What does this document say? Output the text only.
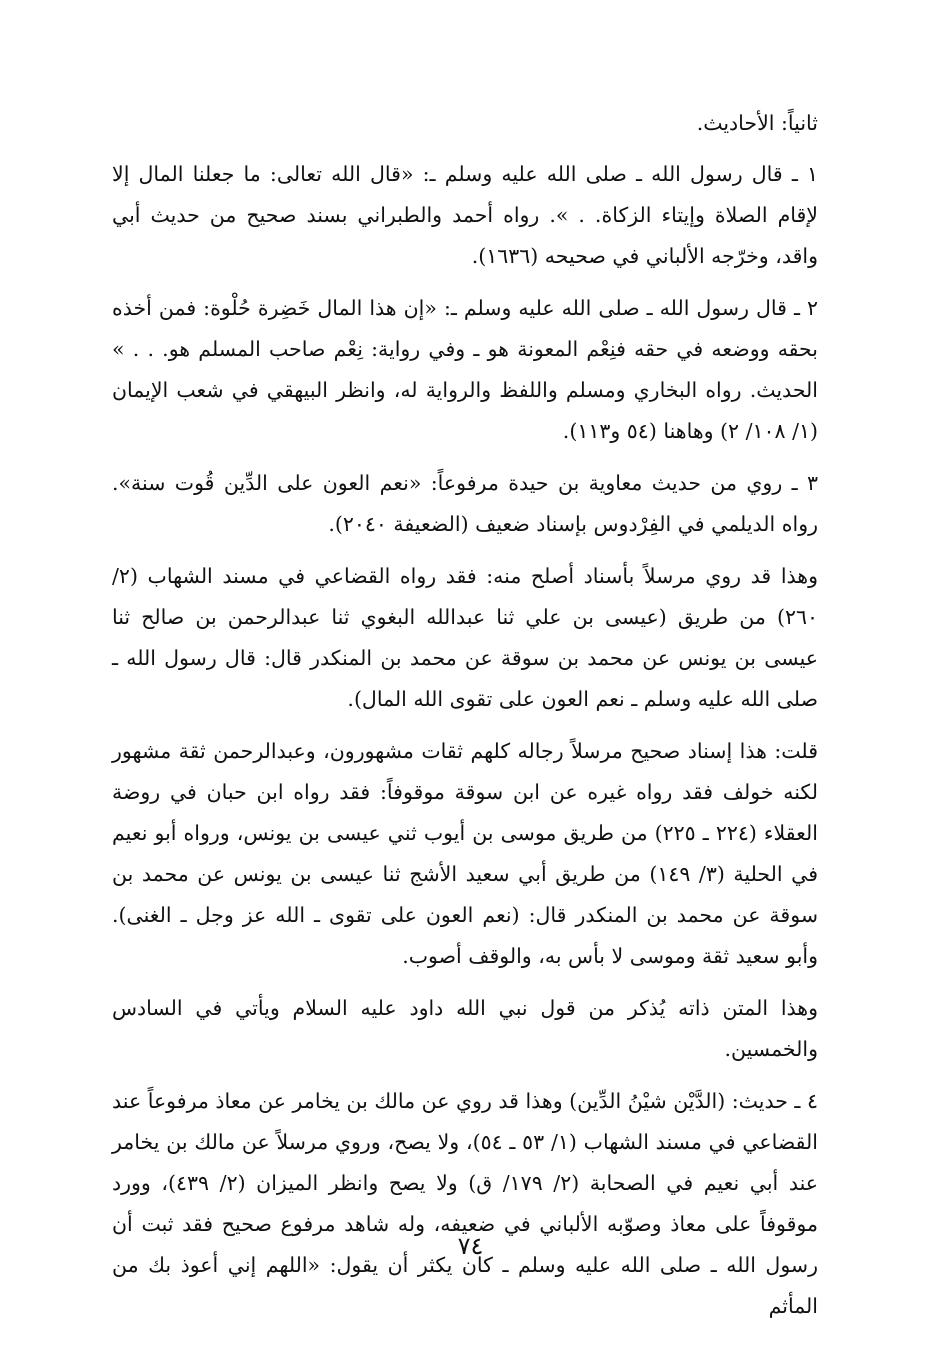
ثانياً: الأحاديث.

١ ـ قال رسول الله ـ صلى الله عليه وسلم ـ: «قال الله تعالى: ما جعلنا المال إلا لإقام الصلاة وإيتاء الزكاة. . ». رواه أحمد والطبراني بسند صحيح من حديث أبي واقد، وخرّجه الألباني في صحيحه (١٦٣٦).

٢ ـ قال رسول الله ـ صلى الله عليه وسلم ـ: «إن هذا المال خَضِرة حُلْوة: فمن أخذه بحقه ووضعه في حقه فنِعْم المعونة هو ـ وفي رواية: نِعْم صاحب المسلم هو. . . » الحديث. رواه البخاري ومسلم واللفظ والرواية له، وانظر البيهقي في شعب الإيمان (١/ ١٠٨/ ٢) وهاهنا (٥٤ و١١٣).

٣ ـ روي من حديث معاوية بن حيدة مرفوعاً: «نعم العون على الدِّين قُوت سنة». رواه الديلمي في الفِرْدوس بإسناد ضعيف (الضعيفة ٢٠٤٠).

وهذا قد روي مرسلاً بأسناد أصلح منه: فقد رواه القضاعي في مسند الشهاب (٢/ ٢٦٠) من طريق (عيسى بن علي ثنا عبدالله البغوي ثنا عبدالرحمن بن صالح ثنا عيسى بن يونس عن محمد بن سوقة عن محمد بن المنكدر قال: قال رسول الله ـ صلى الله عليه وسلم ـ نعم العون على تقوى الله المال).

قلت: هذا إسناد صحيح مرسلاً رجاله كلهم ثقات مشهورون، وعبدالرحمن ثقة مشهور لكنه خولف فقد رواه غيره عن ابن سوقة موقوفاً: فقد رواه ابن حبان في روضة العقلاء (٢٢٤ ـ ٢٢٥) من طريق موسى بن أيوب ثني عيسى بن يونس، ورواه أبو نعيم في الحلية (٣/ ١٤٩) من طريق أبي سعيد الأشج ثنا عيسى بن يونس عن محمد بن سوقة عن محمد بن المنكدر قال: (نعم العون على تقوى ـ الله عز وجل ـ الغنى). وأبو سعيد ثقة وموسى لا بأس به، والوقف أصوب.

وهذا المتن ذاته يُذكر من قول نبي الله داود عليه السلام ويأتي في السادس والخمسين.

٤ ـ حديث: (الدَّيْن شيْنُ الدِّين) وهذا قد روي عن مالك بن يخامر عن معاذ مرفوعاً عند القضاعي في مسند الشهاب (١/ ٥٣ ـ ٥٤)، ولا يصح، وروي مرسلاً عن مالك بن يخامر عند أبي نعيم في الصحابة (٢/ ١٧٩/ ق) ولا يصح وانظر الميزان (٢/ ٤٣٩)، وورد موقوفاً على معاذ وصوّبه الألباني في ضعيفه، وله شاهد مرفوع صحيح فقد ثبت أن رسول الله ـ صلى الله عليه وسلم ـ كان يكثر أن يقول: «اللهم إني أعوذ بك من المأثم

٧٤
